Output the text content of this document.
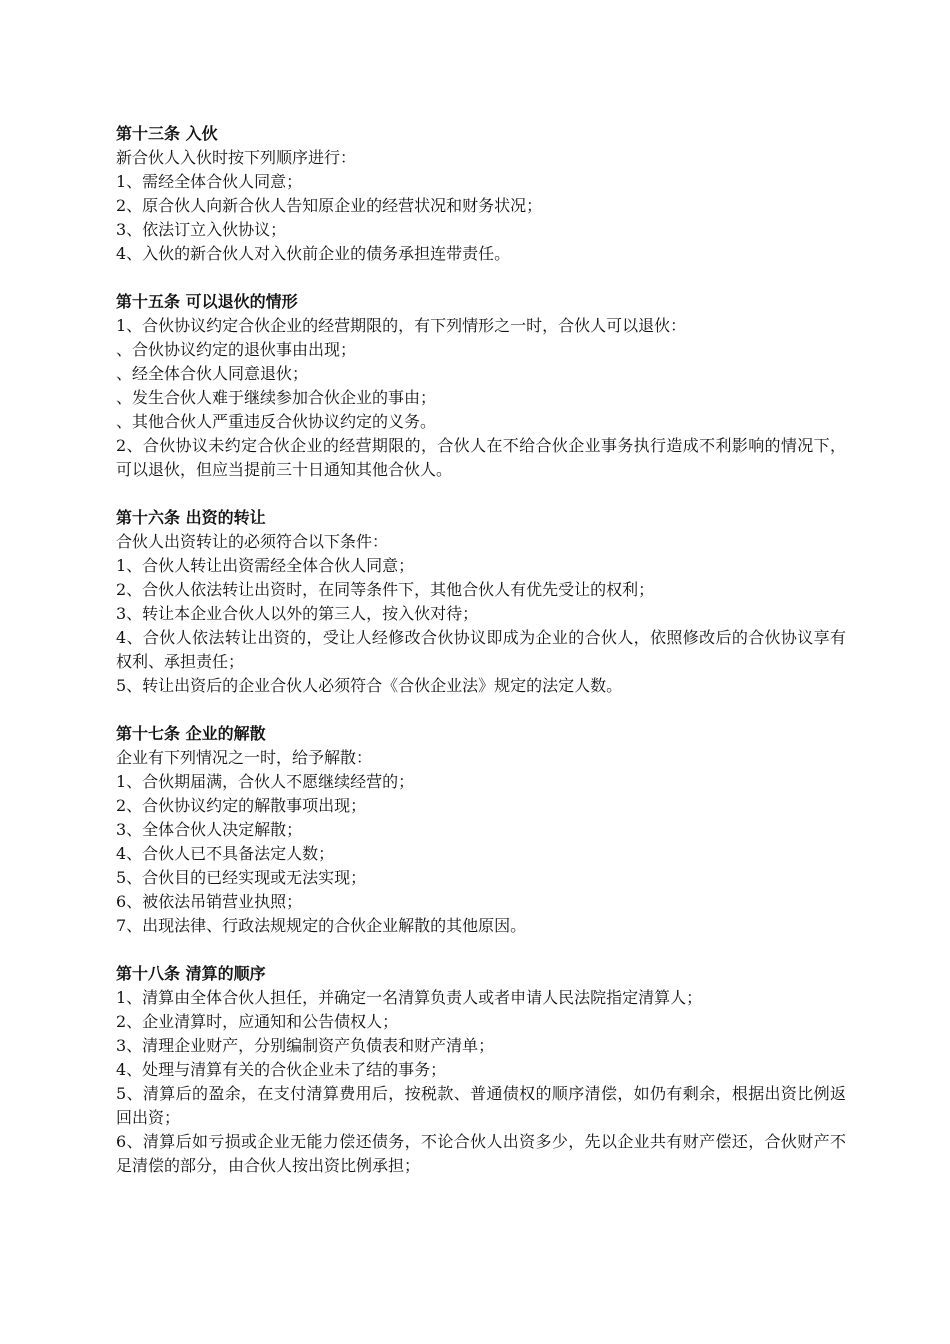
第十三条 入伙
新合伙人入伙时按下列顺序进行：
1、需经全体合伙人同意；
2、原合伙人向新合伙人告知原企业的经营状况和财务状况；
3、依法订立入伙协议；
4、入伙的新合伙人对入伙前企业的债务承担连带责任。
第十五条 可以退伙的情形
1、合伙协议约定合伙企业的经营期限的，有下列情形之一时，合伙人可以退伙：
、合伙协议约定的退伙事由出现；
、经全体合伙人同意退伙；
、发生合伙人难于继续参加合伙企业的事由；
、其他合伙人严重违反合伙协议约定的义务。
2、合伙协议未约定合伙企业的经营期限的，合伙人在不给合伙企业事务执行造成不利影响的情况下，可以退伙，但应当提前三十日通知其他合伙人。
第十六条 出资的转让
合伙人出资转让的必须符合以下条件：
1、合伙人转让出资需经全体合伙人同意；
2、合伙人依法转让出资时，在同等条件下，其他合伙人有优先受让的权利；
3、转让本企业合伙人以外的第三人，按入伙对待；
4、合伙人依法转让出资的，受让人经修改合伙协议即成为企业的合伙人，依照修改后的合伙协议享有权利、承担责任；
5、转让出资后的企业合伙人必须符合《合伙企业法》规定的法定人数。
第十七条 企业的解散
企业有下列情况之一时，给予解散：
1、合伙期届满，合伙人不愿继续经营的；
2、合伙协议约定的解散事项出现；
3、全体合伙人决定解散；
4、合伙人已不具备法定人数；
5、合伙目的已经实现或无法实现；
6、被依法吊销营业执照；
7、出现法律、行政法规规定的合伙企业解散的其他原因。
第十八条 清算的顺序
1、清算由全体合伙人担任，并确定一名清算负责人或者申请人民法院指定清算人；
2、企业清算时，应通知和公告债权人；
3、清理企业财产，分别编制资产负债表和财产清单；
4、处理与清算有关的合伙企业未了结的事务；
5、清算后的盈余，在支付清算费用后，按税款、普通债权的顺序清偿，如仍有剩余，根据出资比例返回出资；
6、清算后如亏损或企业无能力偿还债务，不论合伙人出资多少，先以企业共有财产偿还，合伙财产不足清偿的部分，由合伙人按出资比例承担；
